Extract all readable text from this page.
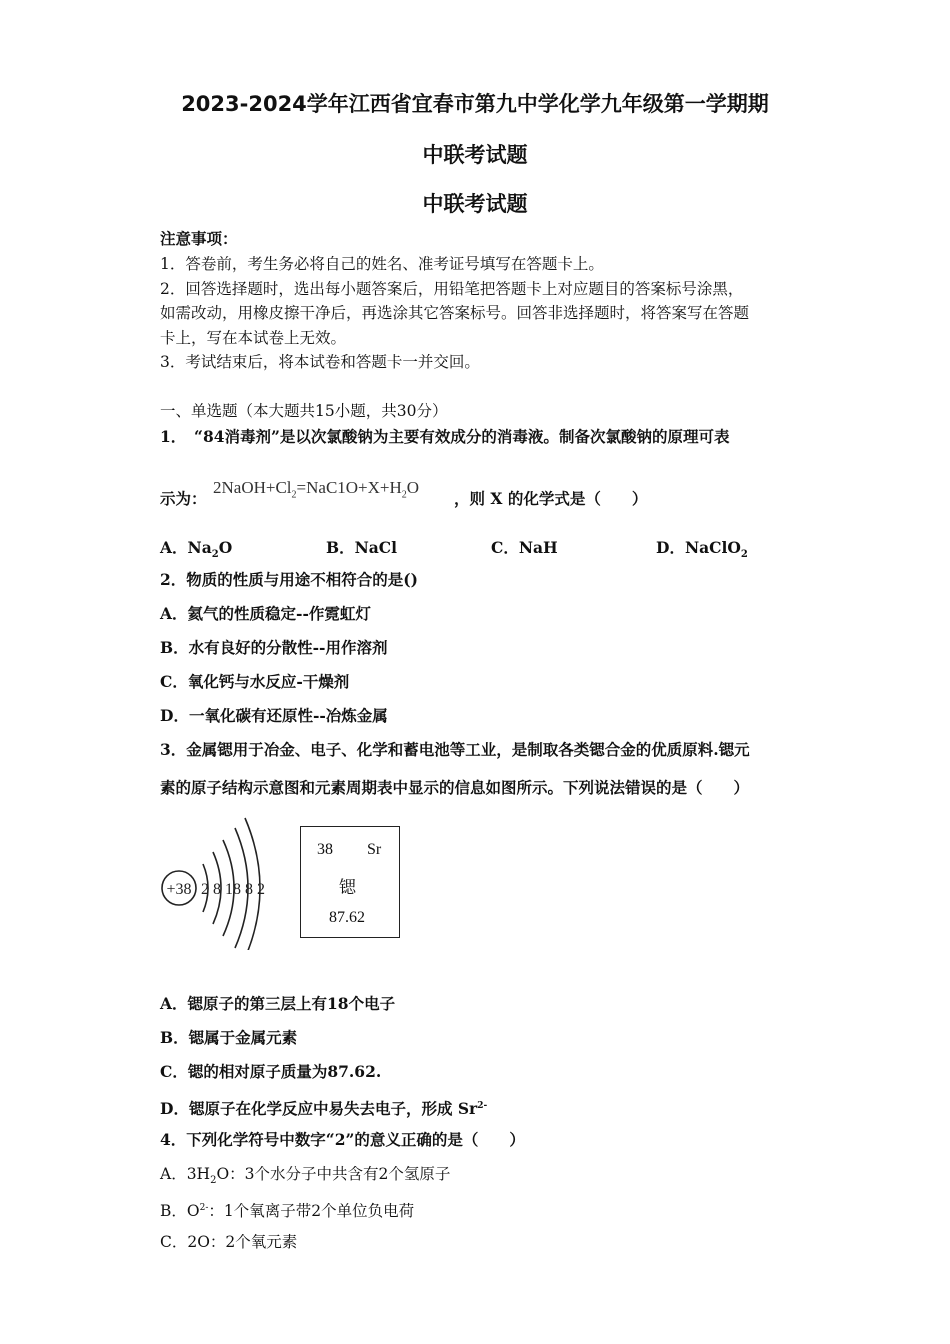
2023-2024学年江西省宜春市第九中学化学九年级第一学期期
中联考试题
中联考试题
注意事项：
1．答卷前，考生务必将自己的姓名、准考证号填写在答题卡上。
2．回答选择题时，选出每小题答案后，用铅笔把答题卡上对应题目的答案标号涂黑，
如需改动，用橡皮擦干净后，再选涂其它答案标号。回答非选择题时，将答案写在答题
卡上，写在本试卷上无效。
3．考试结束后，将本试卷和答题卡一并交回。
一、单选题（本大题共15小题，共30分）
1．　“84消毒剂”是以次氯酸钠为主要有效成分的消毒液。制备次氯酸钠的原理可表
示为：
$2NaOH+Cl_2=NaC1O+X+H_2O$
，则 X 的化学式是（　　）
A．$Na_2O$	B．NaCl	C．NaH	D．NaClO$_2$
2．物质的性质与用途不相符合的是()
A．氦气的性质稳定--作霓虹灯
B．水有良好的分散性--用作溶剂
C．氧化钙与水反应-干燥剂
D．一氧化碳有还原性--冶炼金属
3．金属锶用于冶金、电子、化学和蓄电池等工业，是制取各类锶合金的优质原料.锶元
素的原子结构示意图和元素周期表中显示的信息如图所示。下列说法错误的是（　　）
+38 2 8 18 8 2
38 Sr
锶
87.62
A．锶原子的第三层上有18个电子
B．锶属于金属元素
C．锶的相对原子质量为87.62.
D．锶原子在化学反应中易失去电子，形成 $Sr^{2-}$
4．下列化学符号中数字“2”的意义正确的是（　　）
A．$3H_2O$：3个水分子中共含有2个氢原子
B．$O^{2-}$：1个氧离子带2个单位负电荷
C．2O：2个氧元素
